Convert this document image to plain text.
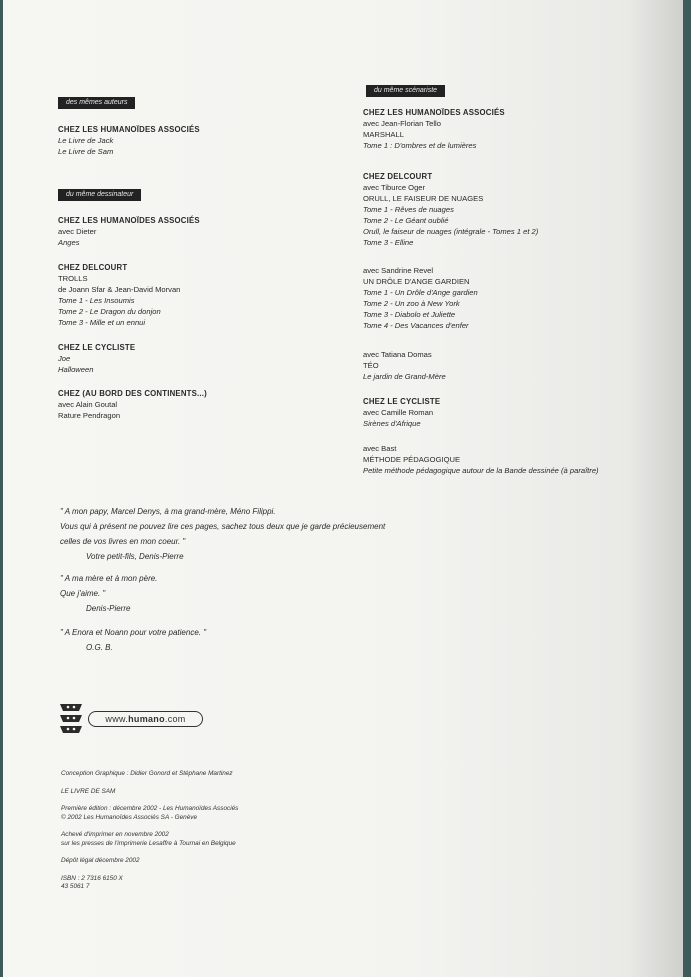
des mêmes auteurs
CHEZ LES HUMANOÏDES ASSOCIÉS
Le Livre de Jack
Le Livre de Sam
du même dessinateur
CHEZ LES HUMANOÏDES ASSOCIÉS
avec Dieter
Anges
CHEZ DELCOURT
TROLLS
de Joann Sfar & Jean-David Morvan
Tome 1 - Les Insoumis
Tome 2 - Le Dragon du donjon
Tome 3 - Mille et un ennui
CHEZ LE CYCLISTE
Joe
Halloween
CHEZ (AU BORD DES CONTINENTS...)
avec Alain Goutal
Rature Pendragon
du même scénariste
CHEZ LES HUMANOÏDES ASSOCIÉS
avec Jean-Florian Tello
MARSHALL
Tome 1 : D'ombres et de lumières
CHEZ DELCOURT
avec Tiburce Oger
ORULL, LE FAISEUR DE NUAGES
Tome 1 - Rêves de nuages
Tome 2 - Le Géant oublié
Orull, le faiseur de nuages (intégrale - Tomes 1 et 2)
Tome 3 - Elline
avec Sandrine Revel
UN DRÔLE D'ANGE GARDIEN
Tome 1 - Un Drôle d'Ange gardien
Tome 2 - Un zoo à New York
Tome 3 - Diabolo et Juliette
Tome 4 - Des Vacances d'enfer
avec Tatiana Domas
TÉO
Le jardin de Grand-Mère
CHEZ LE CYCLISTE
avec Camille Roman
Sirènes d'Afrique
avec Bast
MÉTHODE PÉDAGOGIQUE
Petite méthode pédagogique autour de la Bande dessinée (à paraître)
" A mon papy, Marcel Denys, à ma grand-mère, Méno Filippi.
Vous qui à présent ne pouvez lire ces pages, sachez tous deux que je garde précieusement
celles de vos livres en mon coeur. "
Votre petit-fils, Denis-Pierre
" A ma mère et à mon père.
Que j'aime. "
Denis-Pierre
" A Enora et Noann pour votre patience. "
O.G. B.
www.humano.com
Conception Graphique : Didier Gonord et Stéphane Martinez
LE LIVRE DE SAM
Première édition : décembre 2002 - Les Humanoïdes Associés
© 2002 Les Humanoïdes Associés SA - Genève
Achevé d'imprimer en novembre 2002
sur les presses de l'imprimerie Lesaffre à Tournai en Belgique
Dépôt légal décembre 2002
ISBN : 2 7316 6150 X
43 5061 7
